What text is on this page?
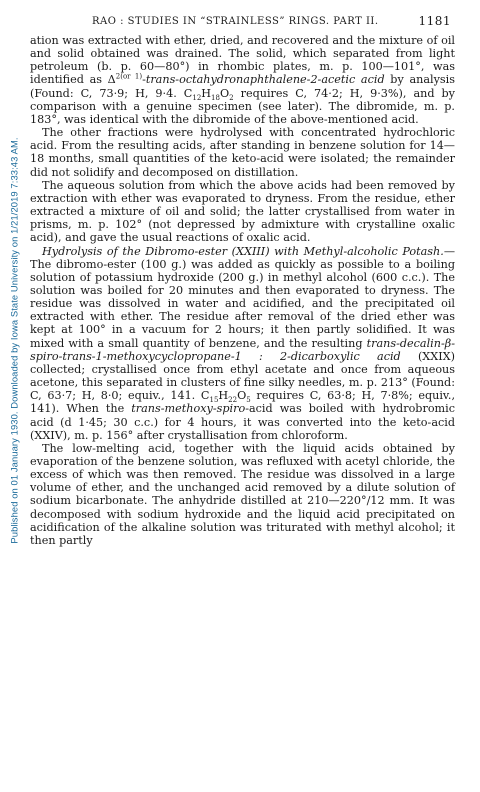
Published on 01 January 1930. Downloaded by Iowa State University on 1/21/2019 7:33:43 AM.
RAO : STUDIES IN “STRAINLESS” RINGS. PART II.	1181

ation was extracted with ether, dried, and recovered and the mixture of oil and solid obtained was drained. The solid, which separated from light petroleum (b. p. 60—80°) in rhombic plates, m. p. 100—101°, was identified as $\Delta^{2(or 1)}-trans-octahydronaphthalene-2$-acetic acid by analysis (Found: C, 73·9; H, 9·4. $C_{12}H_{18}O_2$ requires C, 74·2; H, 9·3%), and by comparison with a genuine specimen (see later). The dibromide, m. p. 183°, was identical with the dibromide of the above-mentioned acid.

The other fractions were hydrolysed with concentrated hydrochloric acid. From the resulting acids, after standing in benzene solution for 14—18 months, small quantities of the keto-acid were isolated; the remainder did not solidify and decomposed on distillation.

The aqueous solution from which the above acids had been removed by extraction with ether was evaporated to dryness. From the residue, ether extracted a mixture of oil and solid; the latter crystallised from water in prisms, m. p. 102° (not depressed by admixture with crystalline oxalic acid), and gave the usual reactions of oxalic acid.

Hydrolysis of the Dibromo-ester (XXIII) with Methyl-alcoholic Potash.—The dibromo-ester (100 g.) was added as quickly as possible to a boiling solution of potassium hydroxide (200 g.) in methyl alcohol (600 c.c.). The solution was boiled for 20 minutes and then evaporated to dryness. The residue was dissolved in water and acidified, and the precipitated oil extracted with ether. The residue after removal of the dried ether was kept at 100° in a vacuum for 2 hours; it then partly solidified. It was mixed with a small quantity of benzene, and the resulting trans-decalin-β-spiro-trans-1-methoxycyclopropane-1 : 2-dicarboxylic acid (XXIX) collected; crystallised once from ethyl acetate and once from aqueous acetone, this separated in clusters of fine silky needles, m. p. 213° (Found: C, 63·7; H, 8·0; equiv., 141. $C_{15}H_{22}O_5$ requires C, 63·8; H, 7·8%; equiv., 141). When the trans-methoxy-spiro-acid was boiled with hydrobromic acid (d 1·45; 30 c.c.) for 4 hours, it was converted into the keto-acid (XXIV), m. p. 156° after crystallisation from chloroform.

The low-melting acid, together with the liquid acids obtained by evaporation of the benzene solution, was refluxed with acetyl chloride, the excess of which was then removed. The residue was dissolved in a large volume of ether, and the unchanged acid removed by a dilute solution of sodium bicarbonate. The anhydride distilled at 210—220°/12 mm. It was decomposed with sodium hydroxide and the liquid acid precipitated on acidification of the alkaline solution was triturated with methyl alcohol; it then partly
